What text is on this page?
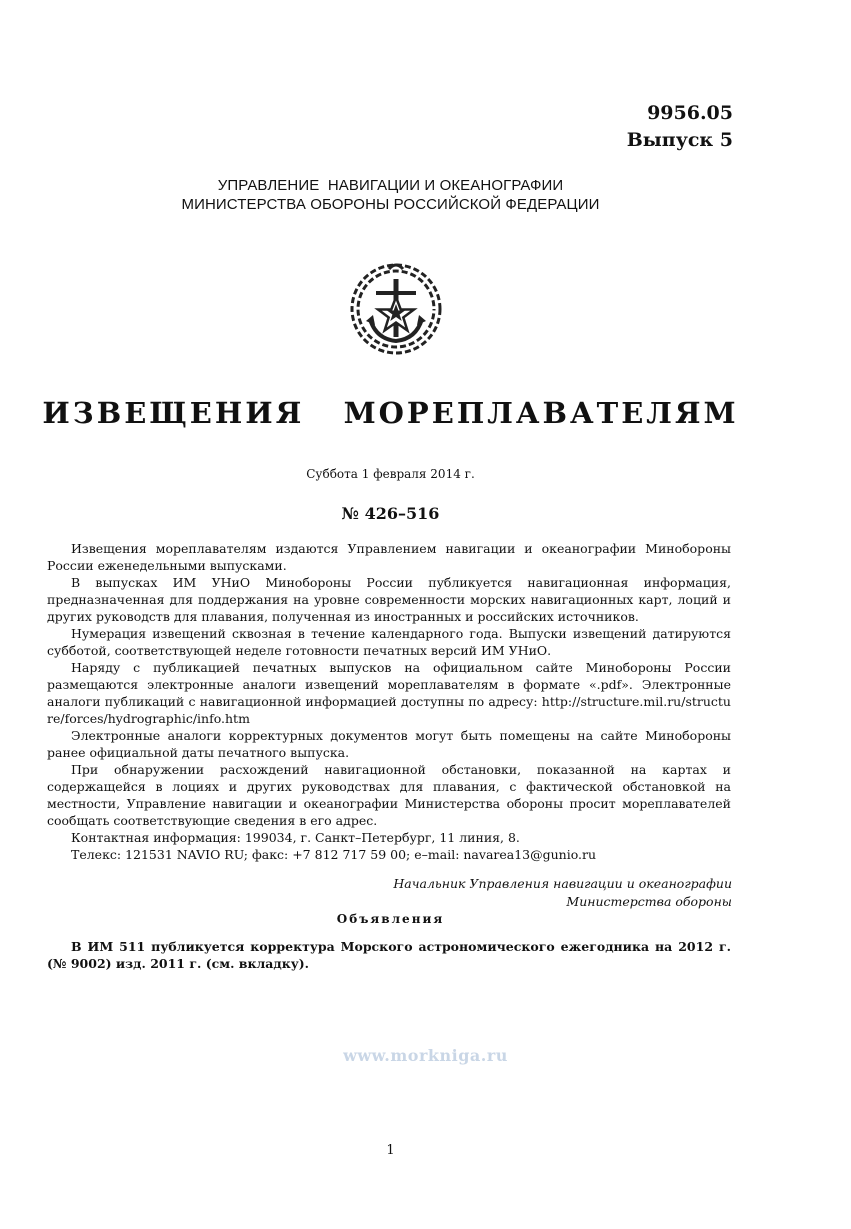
9956.05
Выпуск 5
УПРАВЛЕНИЕ  НАВИГАЦИИ И ОКЕАНОГРАФИИ
МИНИСТЕРСТВА ОБОРОНЫ РОССИЙСКОЙ ФЕДЕРАЦИИ
ИЗВЕЩЕНИЯ   МОРЕПЛАВАТЕЛЯМ
Суббота 1 февраля 2014 г.
№ 426–516

Извещения мореплавателям издаются Управлением навигации и океанографии Минобороны России еженедельными выпусками.

В выпусках ИМ УНиО Минобороны России публикуется навигационная информация, предназначенная для поддержания на уровне современности морских навигационных карт, лоций и других руководств для плавания, полученная из иностранных и российских источников.

Нумерация извещений сквозная в течение календарного года. Выпуски извещений датируются субботой, соответствующей неделе готовности печатных версий ИМ УНиО.

Наряду с публикацией печатных выпусков на официальном сайте Минобороны России размещаются электронные аналоги извещений мореплавателям в формате «.pdf». Электронные аналоги публикаций с навигационной информацией доступны по адресу: http://structure.mil.ru/structure/forces/hydrographic/info.htm

Электронные аналоги корректурных документов могут быть помещены на сайте Минобороны ранее официальной даты печатного выпуска.

При обнаружении расхождений навигационной обстановки, показанной на картах и содержащейся в лоциях и других руководствах для плавания, с фактической обстановкой на местности, Управление навигации и океанографии Министерства обороны просит мореплавателей сообщать соответствующие сведения в его адрес.

Контактная информация: 199034, г. Санкт–Петербург, 11 линия, 8.

Телекс: 121531 NAVIO RU; факс: +7 812 717 59 00; e–mail: navarea13@gunio.ru

Начальник Управления навигации и океанографии
Министерства обороны
Объявления

В ИМ 511 публикуется корректура Морского астрономического ежегодника на 2012 г. (№ 9002) изд. 2011 г. (см. вкладку).

www.morkniga.ru
1
